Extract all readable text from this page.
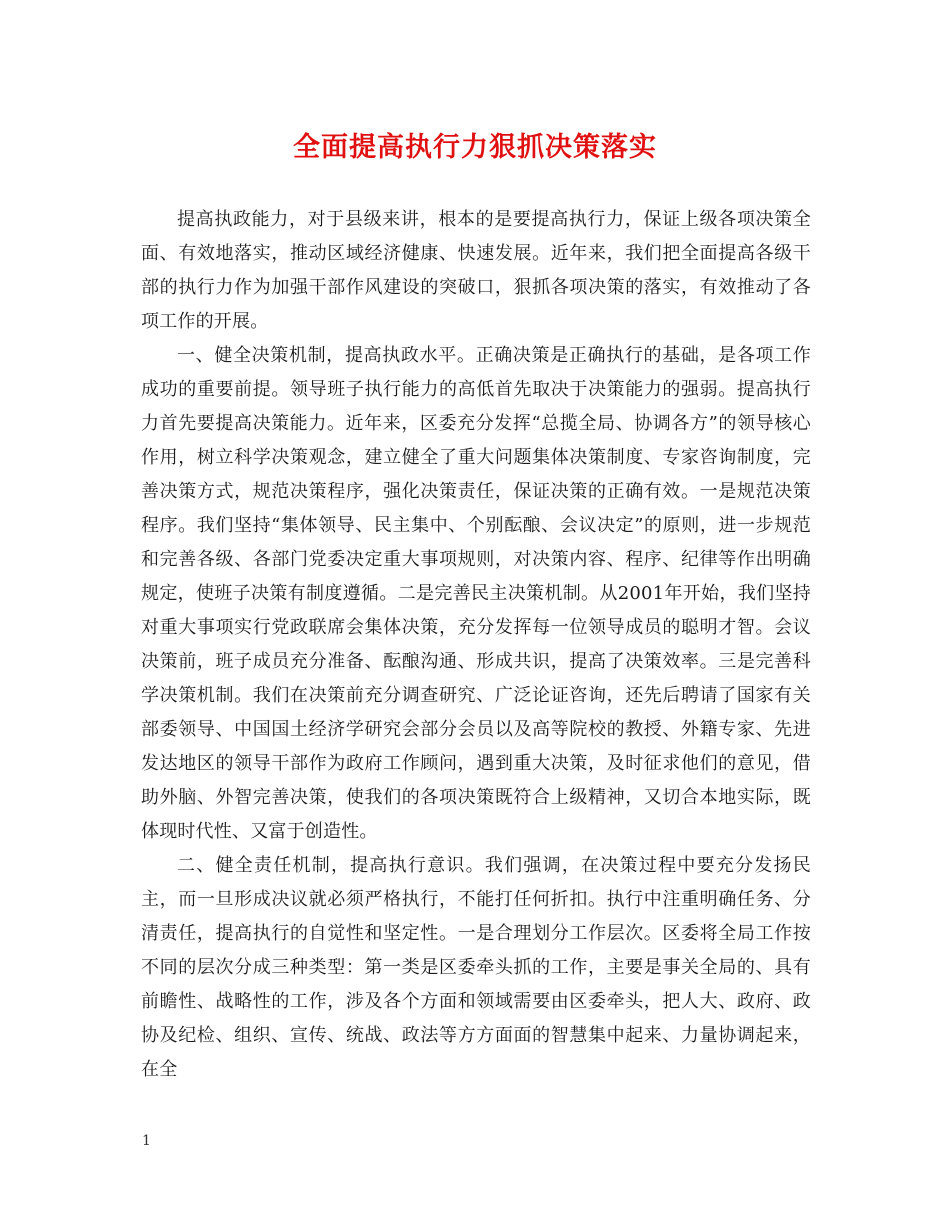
全面提高执行力狠抓决策落实

提高执政能力，对于县级来讲，根本的是要提高执行力，保证上级各项决策全面、有效地落实，推动区域经济健康、快速发展。近年来，我们把全面提高各级干部的执行力作为加强干部作风建设的突破口，狠抓各项决策的落实，有效推动了各项工作的开展。

一、健全决策机制，提高执政水平。正确决策是正确执行的基础，是各项工作成功的重要前提。领导班子执行能力的高低首先取决于决策能力的强弱。提高执行力首先要提高决策能力。近年来，区委充分发挥“总揽全局、协调各方”的领导核心作用，树立科学决策观念，建立健全了重大问题集体决策制度、专家咨询制度，完善决策方式，规范决策程序，强化决策责任，保证决策的正确有效。一是规范决策程序。我们坚持“集体领导、民主集中、个别酝酿、会议决定”的原则，进一步规范和完善各级、各部门党委决定重大事项规则，对决策内容、程序、纪律等作出明确规定，使班子决策有制度遵循。二是完善民主决策机制。从2001年开始，我们坚持对重大事项实行党政联席会集体决策，充分发挥每一位领导成员的聪明才智。会议决策前，班子成员充分准备、酝酿沟通、形成共识，提高了决策效率。三是完善科学决策机制。我们在决策前充分调查研究、广泛论证咨询，还先后聘请了国家有关部委领导、中国国土经济学研究会部分会员以及高等院校的教授、外籍专家、先进发达地区的领导干部作为政府工作顾问，遇到重大决策，及时征求他们的意见，借助外脑、外智完善决策，使我们的各项决策既符合上级精神，又切合本地实际，既体现时代性、又富于创造性。

二、健全责任机制，提高执行意识。我们强调，在决策过程中要充分发扬民主，而一旦形成决议就必须严格执行，不能打任何折扣。执行中注重明确任务、分清责任，提高执行的自觉性和坚定性。一是合理划分工作层次。区委将全局工作按不同的层次分成三种类型：第一类是区委牵头抓的工作，主要是事关全局的、具有前瞻性、战略性的工作，涉及各个方面和领域需要由区委牵头，把人大、政府、政协及纪检、组织、宣传、统战、政法等方方面面的智慧集中起来、力量协调起来，在全

1
